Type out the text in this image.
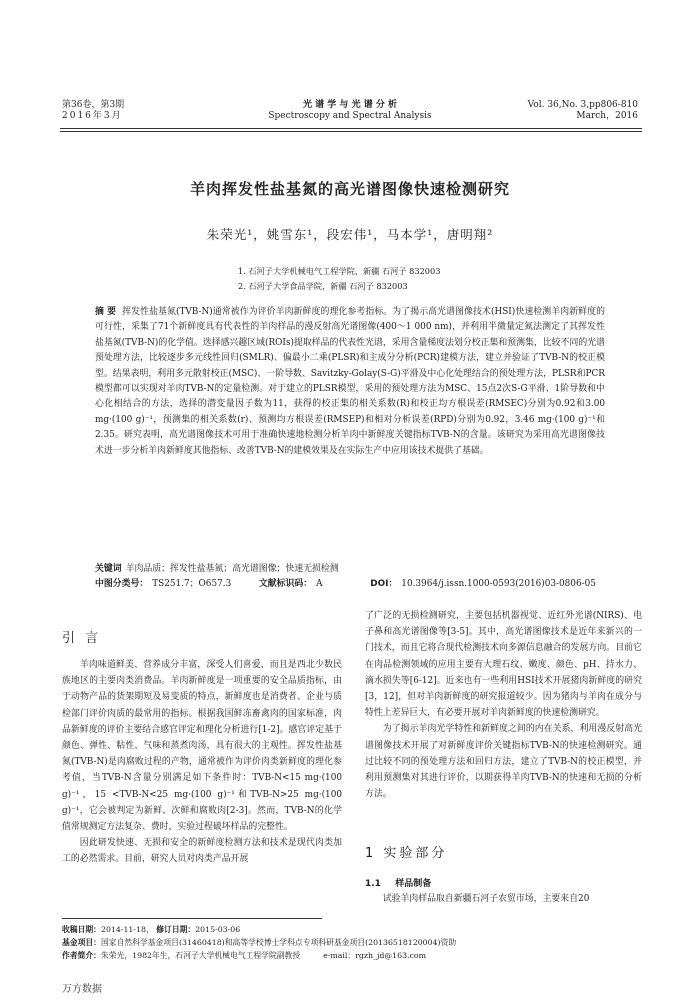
第36卷，第3期
2016年3月
光 谱 学 与 光 谱 分 析
Spectroscopy and Spectral Analysis
Vol. 36,No. 3,pp806-810
March，2016
羊肉挥发性盐基氮的高光谱图像快速检测研究
朱荣光¹，姚雪东¹，段宏伟¹，马本学¹，唐明翔²
1. 石河子大学机械电气工程学院，新疆 石河子 832003
2. 石河子大学食品学院，新疆 石河子 832003
摘 要 挥发性盐基氮(TVB-N)通常被作为评价羊肉新鲜度的理化参考指标。为了揭示高光谱图像技术(HSI)快速检测羊肉新鲜度的可行性，采集了71个新鲜度具有代表性的羊肉样品的漫反射高光谱图像(400～1 000 nm)，并利用半微量定氮法测定了其挥发性盐基氮(TVB-N)的化学值。选择感兴趣区域(ROIs)提取样品的代表性光谱，采用含量梯度法划分校正集和预测集，比较不同的光谱预处理方法，比较逐步多元线性回归(SMLR)、偏最小二乘(PLSR)和主成分分析(PCR)建模方法，建立并验证了TVB-N的校正模型。结果表明，利用多元散射校正(MSC)、一阶导数、Savitzky-Golay(S-G)平滑及中心化处理结合的预处理方法，PLSR和PCR模型都可以实现对羊肉TVB-N的定量检测。对于建立的PLSR模型，采用的预处理方法为MSC、15点2次S-G平滑、1阶导数和中心化相结合的方法，选择的潜变量因子数为11，获得的校正集的相关系数(R)和校正均方根误差(RMSEC)分别为0.92和3.00 mg·(100 g)⁻¹，预测集的相关系数(r)、预测均方根误差(RMSEP)和相对分析误差(RPD)分别为0.92，3.46 mg·(100 g)⁻¹和2.35。研究表明，高光谱图像技术可用于准确快速地检测分析羊肉中新鲜度关键指标TVB-N的含量。该研究为采用高光谱图像技术进一步分析羊肉新鲜度其他指标、改善TVB-N的建模效果及在实际生产中应用该技术提供了基础。
关键词 羊肉品质；挥发性盐基氮；高光谱图像；快速无损检测
中图分类号： TS251.7；O657.3	文献标识码： A	DOI： 10.3964/j.issn.1000-0593(2016)03-0806-05
引 言

羊肉味道鲜美、营养成分丰富，深受人们喜爱，而且是西北少数民族地区的主要肉类消费品。羊肉新鲜度是一项重要的安全品质指标，由于动物产品的货架期短及易变质的特点，新鲜度也是消费者、企业与质检部门评价肉质的最常用的指标。根据我国鲜冻畜禽肉的国家标准，肉品新鲜度的评价主要结合感官评定和理化分析进行[1-2]。感官评定基于颜色、弹性、粘性、气味和蒸煮肉汤，具有很大的主观性。挥发性盐基氮(TVB-N)是肉腐败过程的产物，通常被作为评价肉类新鲜度的理化参考值，当TVB-N含量分别满足如下条件时：TVB-N<15 mg·(100 g)⁻¹，15 <TVB-N<25 mg·(100 g)⁻¹和TVB-N>25 mg·(100 g)⁻¹，它会被判定为新鲜、次鲜和腐败肉[2-3]。然而，TVB-N的化学值常规测定方法复杂、费时，实验过程破坏样品的完整性。

因此研发快速、无损和安全的新鲜度检测方法和技术是现代肉类加工的必然需求。目前，研究人员对肉类产品开展

了广泛的无损检测研究，主要包括机器视觉、近红外光谱(NIRS)、电子鼻和高光谱图像等[3-5]。其中，高光谱图像技术是近年来新兴的一门技术，而且它将合现代检测技术向多源信息融合的发展方向。目前它在肉品检测领域的应用主要有大理石纹、嫩度、颜色、pH、持水力、滴水损失等[6-12]。近来也有一些利用HSI技术开展猪肉新鲜度的研究[3，12]，但对羊肉新鲜度的研究报道较少。因为猪肉与羊肉在成分与特性上差异巨大，有必要开展对羊肉新鲜度的快速检测研究。

为了揭示羊肉光学特性和新鲜度之间的内在关系，利用漫反射高光谱图像技术开展了对新鲜度评价关键指标TVB-N的快速检测研究。通过比较不同的预处理方法和回归方法，建立了TVB-N的校正模型，并利用预测集对其进行评价，以期获得羊肉TVB-N的快速和无损的分析方法。

1 实验部分
1.1 样品制备
试验羊肉样品取自新疆石河子农贸市场，主要来自20
收稿日期：2014-11-18， 修订日期：2015-03-06
基金项目：国家自然科学基金项目(31460418)和高等学校博士学科点专项科研基金项目(20136518120004)资助
作者简介：朱荣光，1982年生，石河子大学机械电气工程学院副教授	e-mail：rgzh_jd@163.com
万方数据
